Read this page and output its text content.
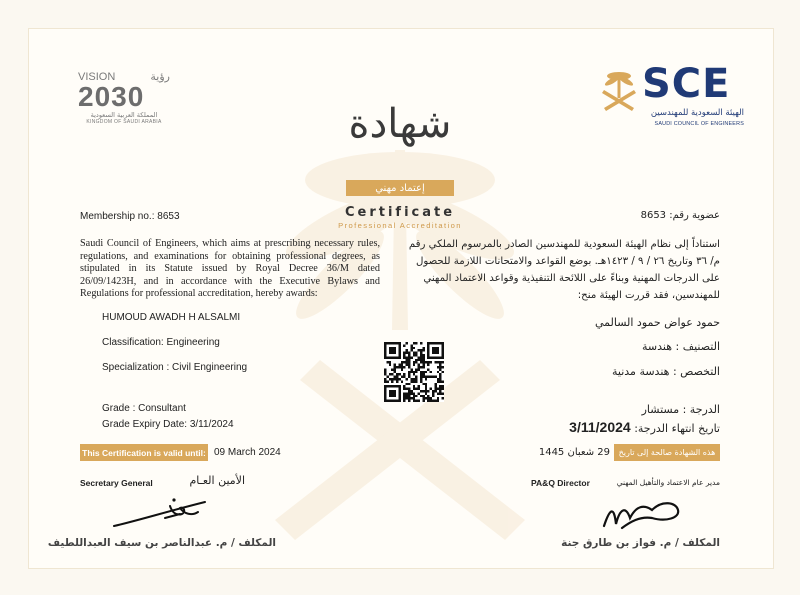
VISION	رؤية
2030
المملكة العربية السعودية
KINGDOM OF SAUDI ARABIA
SCE
الهيئة السعودية للمهندسين
SAUDI COUNCIL OF ENGINEERS
شهادة
إعتماد مهني
Certificate
Professional Accreditation
Membership no.: 8653	عضوية رقم: 8653
Saudi Council of Engineers, which aims at prescribing necessary rules, regulations, and examinations for obtaining professional degrees, as stipulated in its Statute issued by Royal Decree 36/M dated 26/09/1423H, and in accordance with the Executive Bylaws and Regulations for professional accreditation, hereby awards:
استناداً إلى نظام الهيئة السعودية للمهندسين الصادر بالمرسوم الملكي رقم م/ ٣٦ وتاريخ ٢٦ / ٩ / ١٤٢٣هـ. بوضع القواعد والامتحانات اللازمة للحصول على الدرجات المهنية وبناءً على اللائحة التنفيذية وقواعد الاعتماد المهني للمهندسين، فقد قررت الهيئة منح:
HUMOUD AWADH H ALSALMI
Classification: Engineering
Specialization : Civil Engineering
Grade : Consultant
Grade Expiry Date: 3/11/2024
حمود عواض حمود السالمي
التصنيف : هندسة
التخصص : هندسة مدنية
الدرجة : مستشار
تاريخ انتهاء الدرجة: 3/11/2024
This Certification is valid until: 09 March 2024	29 شعبان 1445	هذه الشهادة صالحة إلى تاريخ
Secretary General	الأمين العـام	مدير عام الاعتماد والتأهيل المهني
PA&Q Director
المكلف / م. عبدالناصر بن سيف العبداللطيف	المكلف / م. فواز بن طارق جنة
